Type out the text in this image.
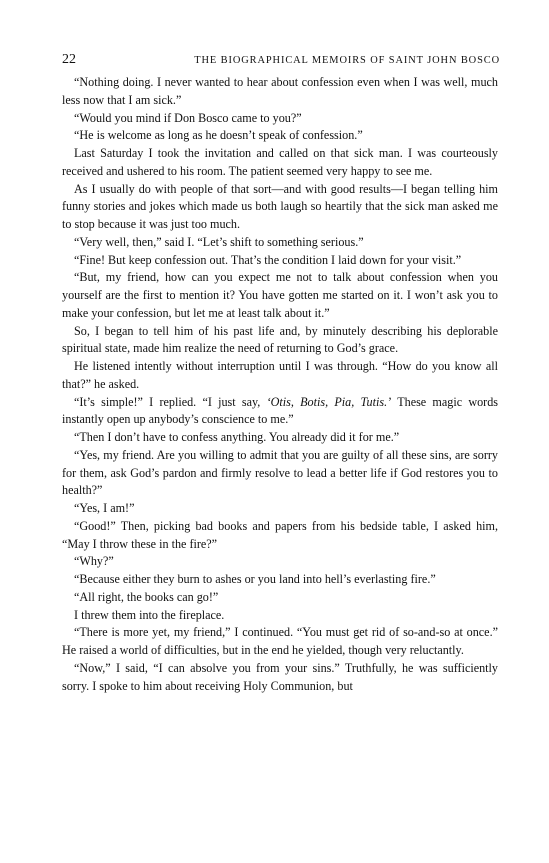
22	THE BIOGRAPHICAL MEMOIRS OF SAINT JOHN BOSCO

“Nothing doing. I never wanted to hear about confession even when I was well, much less now that I am sick.”

“Would you mind if Don Bosco came to you?”

“He is welcome as long as he doesn’t speak of confession.”

Last Saturday I took the invitation and called on that sick man. I was courteously received and ushered to his room. The patient seemed very happy to see me.

As I usually do with people of that sort—and with good results—I began telling him funny stories and jokes which made us both laugh so heartily that the sick man asked me to stop because it was just too much.

“Very well, then,” said I. “Let’s shift to something serious.”

“Fine! But keep confession out. That’s the condition I laid down for your visit.”

“But, my friend, how can you expect me not to talk about confession when you yourself are the first to mention it? You have gotten me started on it. I won’t ask you to make your confession, but let me at least talk about it.”

So, I began to tell him of his past life and, by minutely describing his deplorable spiritual state, made him realize the need of returning to God’s grace.

He listened intently without interruption until I was through. “How do you know all that?” he asked.

“It’s simple!” I replied. “I just say, ‘Otis, Botis, Pia, Tutis.’ These magic words instantly open up anybody’s conscience to me.”

“Then I don’t have to confess anything. You already did it for me.”

“Yes, my friend. Are you willing to admit that you are guilty of all these sins, are sorry for them, ask God’s pardon and firmly resolve to lead a better life if God restores you to health?”

“Yes, I am!”

“Good!” Then, picking bad books and papers from his bedside table, I asked him, “May I throw these in the fire?”

“Why?”

“Because either they burn to ashes or you land into hell’s everlasting fire.”

“All right, the books can go!”

I threw them into the fireplace.

“There is more yet, my friend,” I continued. “You must get rid of so-and-so at once.” He raised a world of difficulties, but in the end he yielded, though very reluctantly.

“Now,” I said, “I can absolve you from your sins.” Truthfully, he was sufficiently sorry. I spoke to him about receiving Holy Communion, but
